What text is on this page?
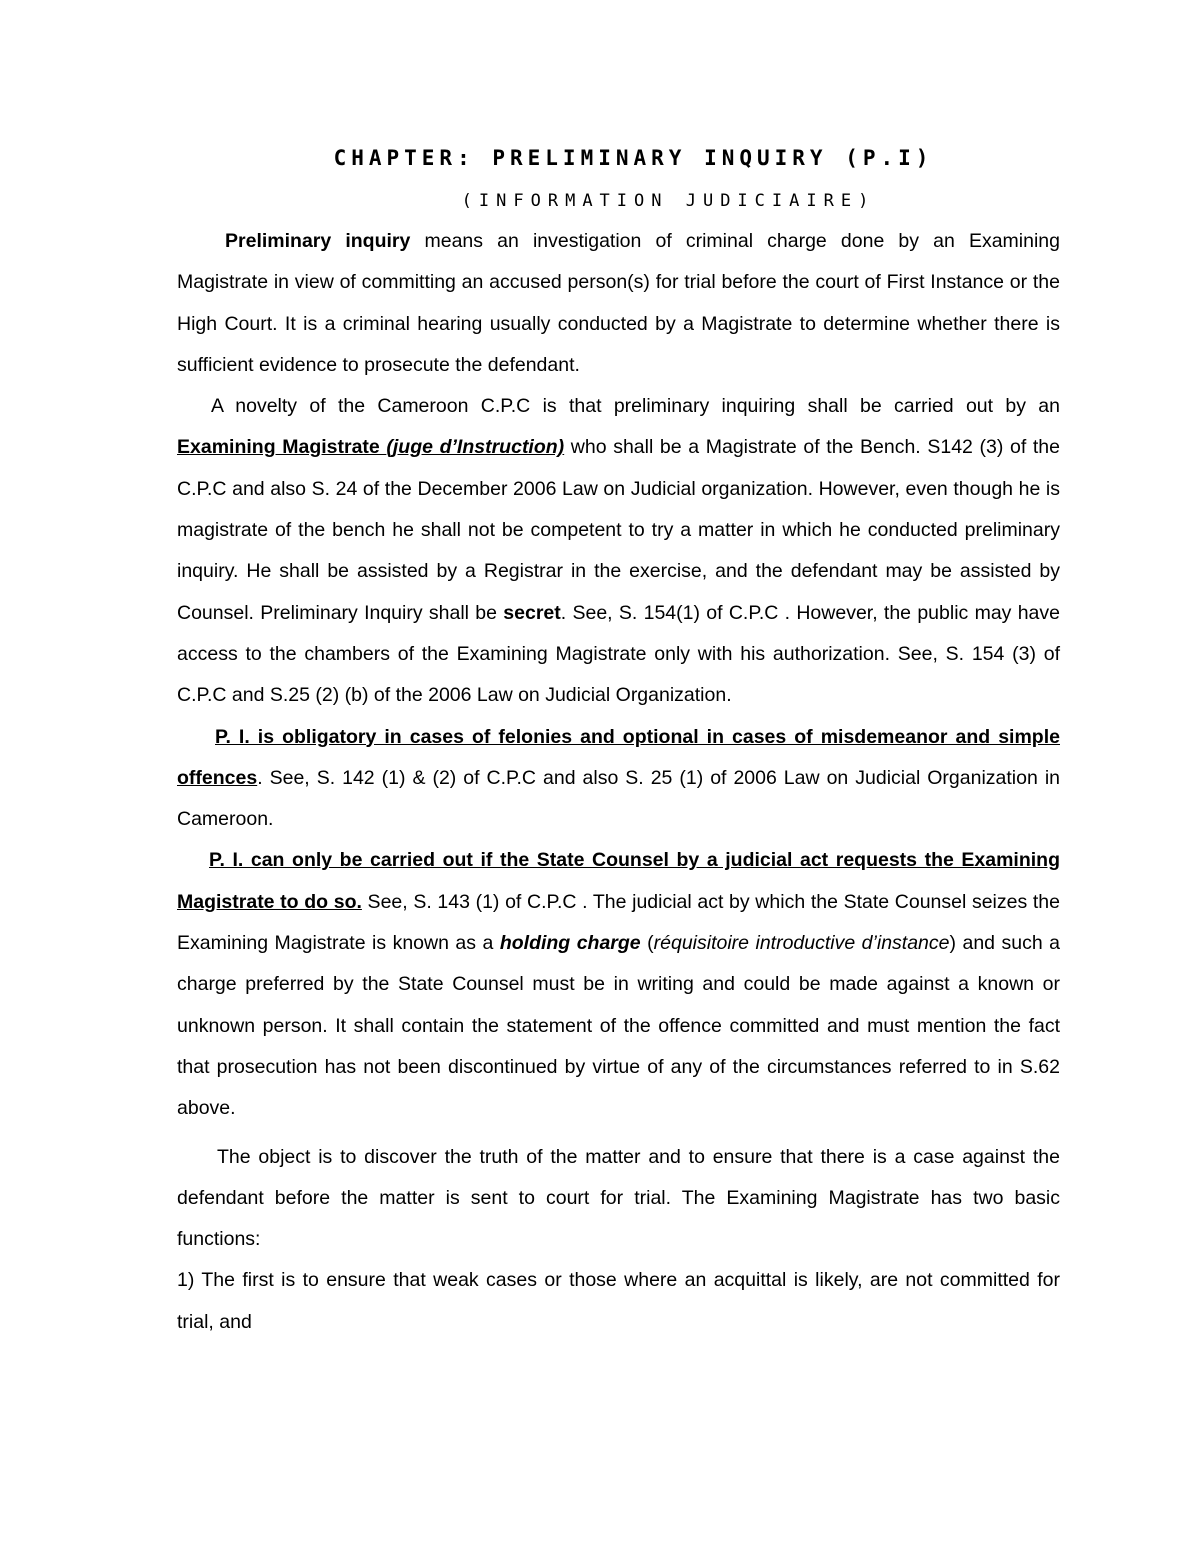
CHAPTER: PRELIMINARY INQUIRY (P.I)
(INFORMATION JUDICIAIRE)

Preliminary inquiry means an investigation of criminal charge done by an Examining Magistrate in view of committing an accused person(s) for trial before the court of First Instance or the High Court. It is a criminal hearing usually conducted by a Magistrate to determine whether there is sufficient evidence to prosecute the defendant.

A novelty of the Cameroon C.P.C is that preliminary inquiring shall be carried out by an Examining Magistrate (juge d’Instruction) who shall be a Magistrate of the Bench. S142 (3) of the C.P.C and also S. 24 of the December 2006 Law on Judicial organization. However, even though he is magistrate of the bench he shall not be competent to try a matter in which he conducted preliminary inquiry. He shall be assisted by a Registrar in the exercise, and the defendant may be assisted by Counsel. Preliminary Inquiry shall be secret. See, S. 154(1) of C.P.C . However, the public may have access to the chambers of the Examining Magistrate only with his authorization. See, S. 154 (3) of C.P.C and S.25 (2) (b) of the 2006 Law on Judicial Organization.

P. I. is obligatory in cases of felonies and optional in cases of misdemeanor and simple offences. See, S. 142 (1) & (2) of C.P.C and also S. 25 (1) of 2006 Law on Judicial Organization in Cameroon.

P. I. can only be carried out if the State Counsel by a judicial act requests the Examining Magistrate to do so. See, S. 143 (1) of C.P.C . The judicial act by which the State Counsel seizes the Examining Magistrate is known as a holding charge (réquisitoire introductive d’instance) and such a charge preferred by the State Counsel must be in writing and could be made against a known or unknown person. It shall contain the statement of the offence committed and must mention the fact that prosecution has not been discontinued by virtue of any of the circumstances referred to in S.62 above.

The object is to discover the truth of the matter and to ensure that there is a case against the defendant before the matter is sent to court for trial. The Examining Magistrate has two basic functions:

1) The first is to ensure that weak cases or those where an acquittal is likely, are not committed for trial, and
